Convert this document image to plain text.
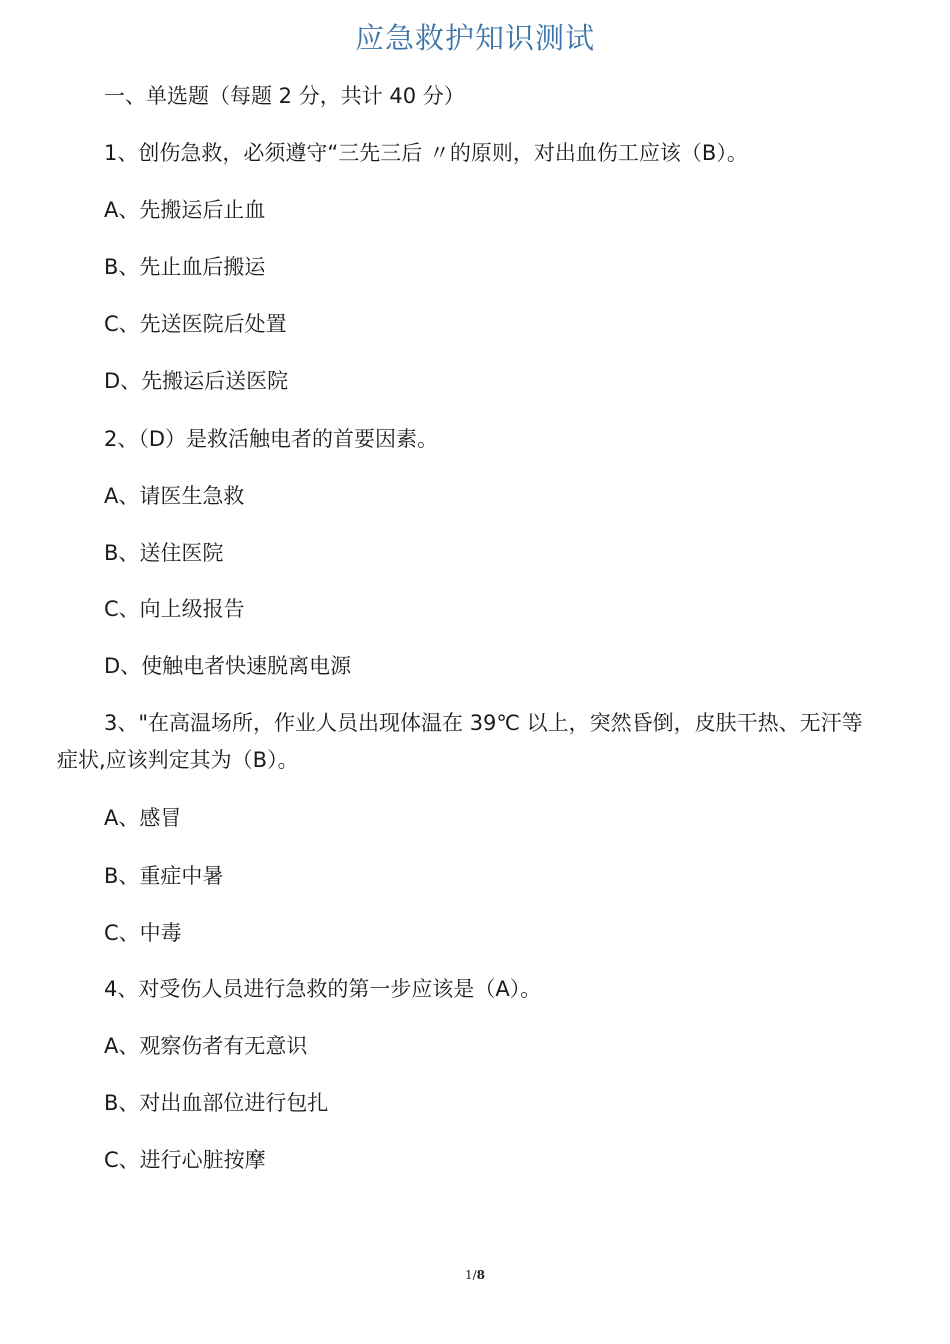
应急救护知识测试
一、单选题（每题 2 分，共计 40 分）
1、创伤急救，必须遵守“三先三后 〃的原则，对出血伤工应该（B）。
A、先搬运后止血
B、先止血后搬运
C、先送医院后处置
D、先搬运后送医院
2、（D）是救活触电者的首要因素。
A、请医生急救
B、送住医院
C、向上级报告
D、使触电者快速脱离电源
3、"在高温场所，作业人员出现体温在 39℃ 以上，突然昏倒，皮肤干热、无汗等症状,应该判定其为（B）。
A、感冒
B、重症中暑
C、中毒
4、对受伤人员进行急救的第一步应该是（A）。
A、观察伤者有无意识
B、对出血部位进行包扎
C、进行心脏按摩
1/8
